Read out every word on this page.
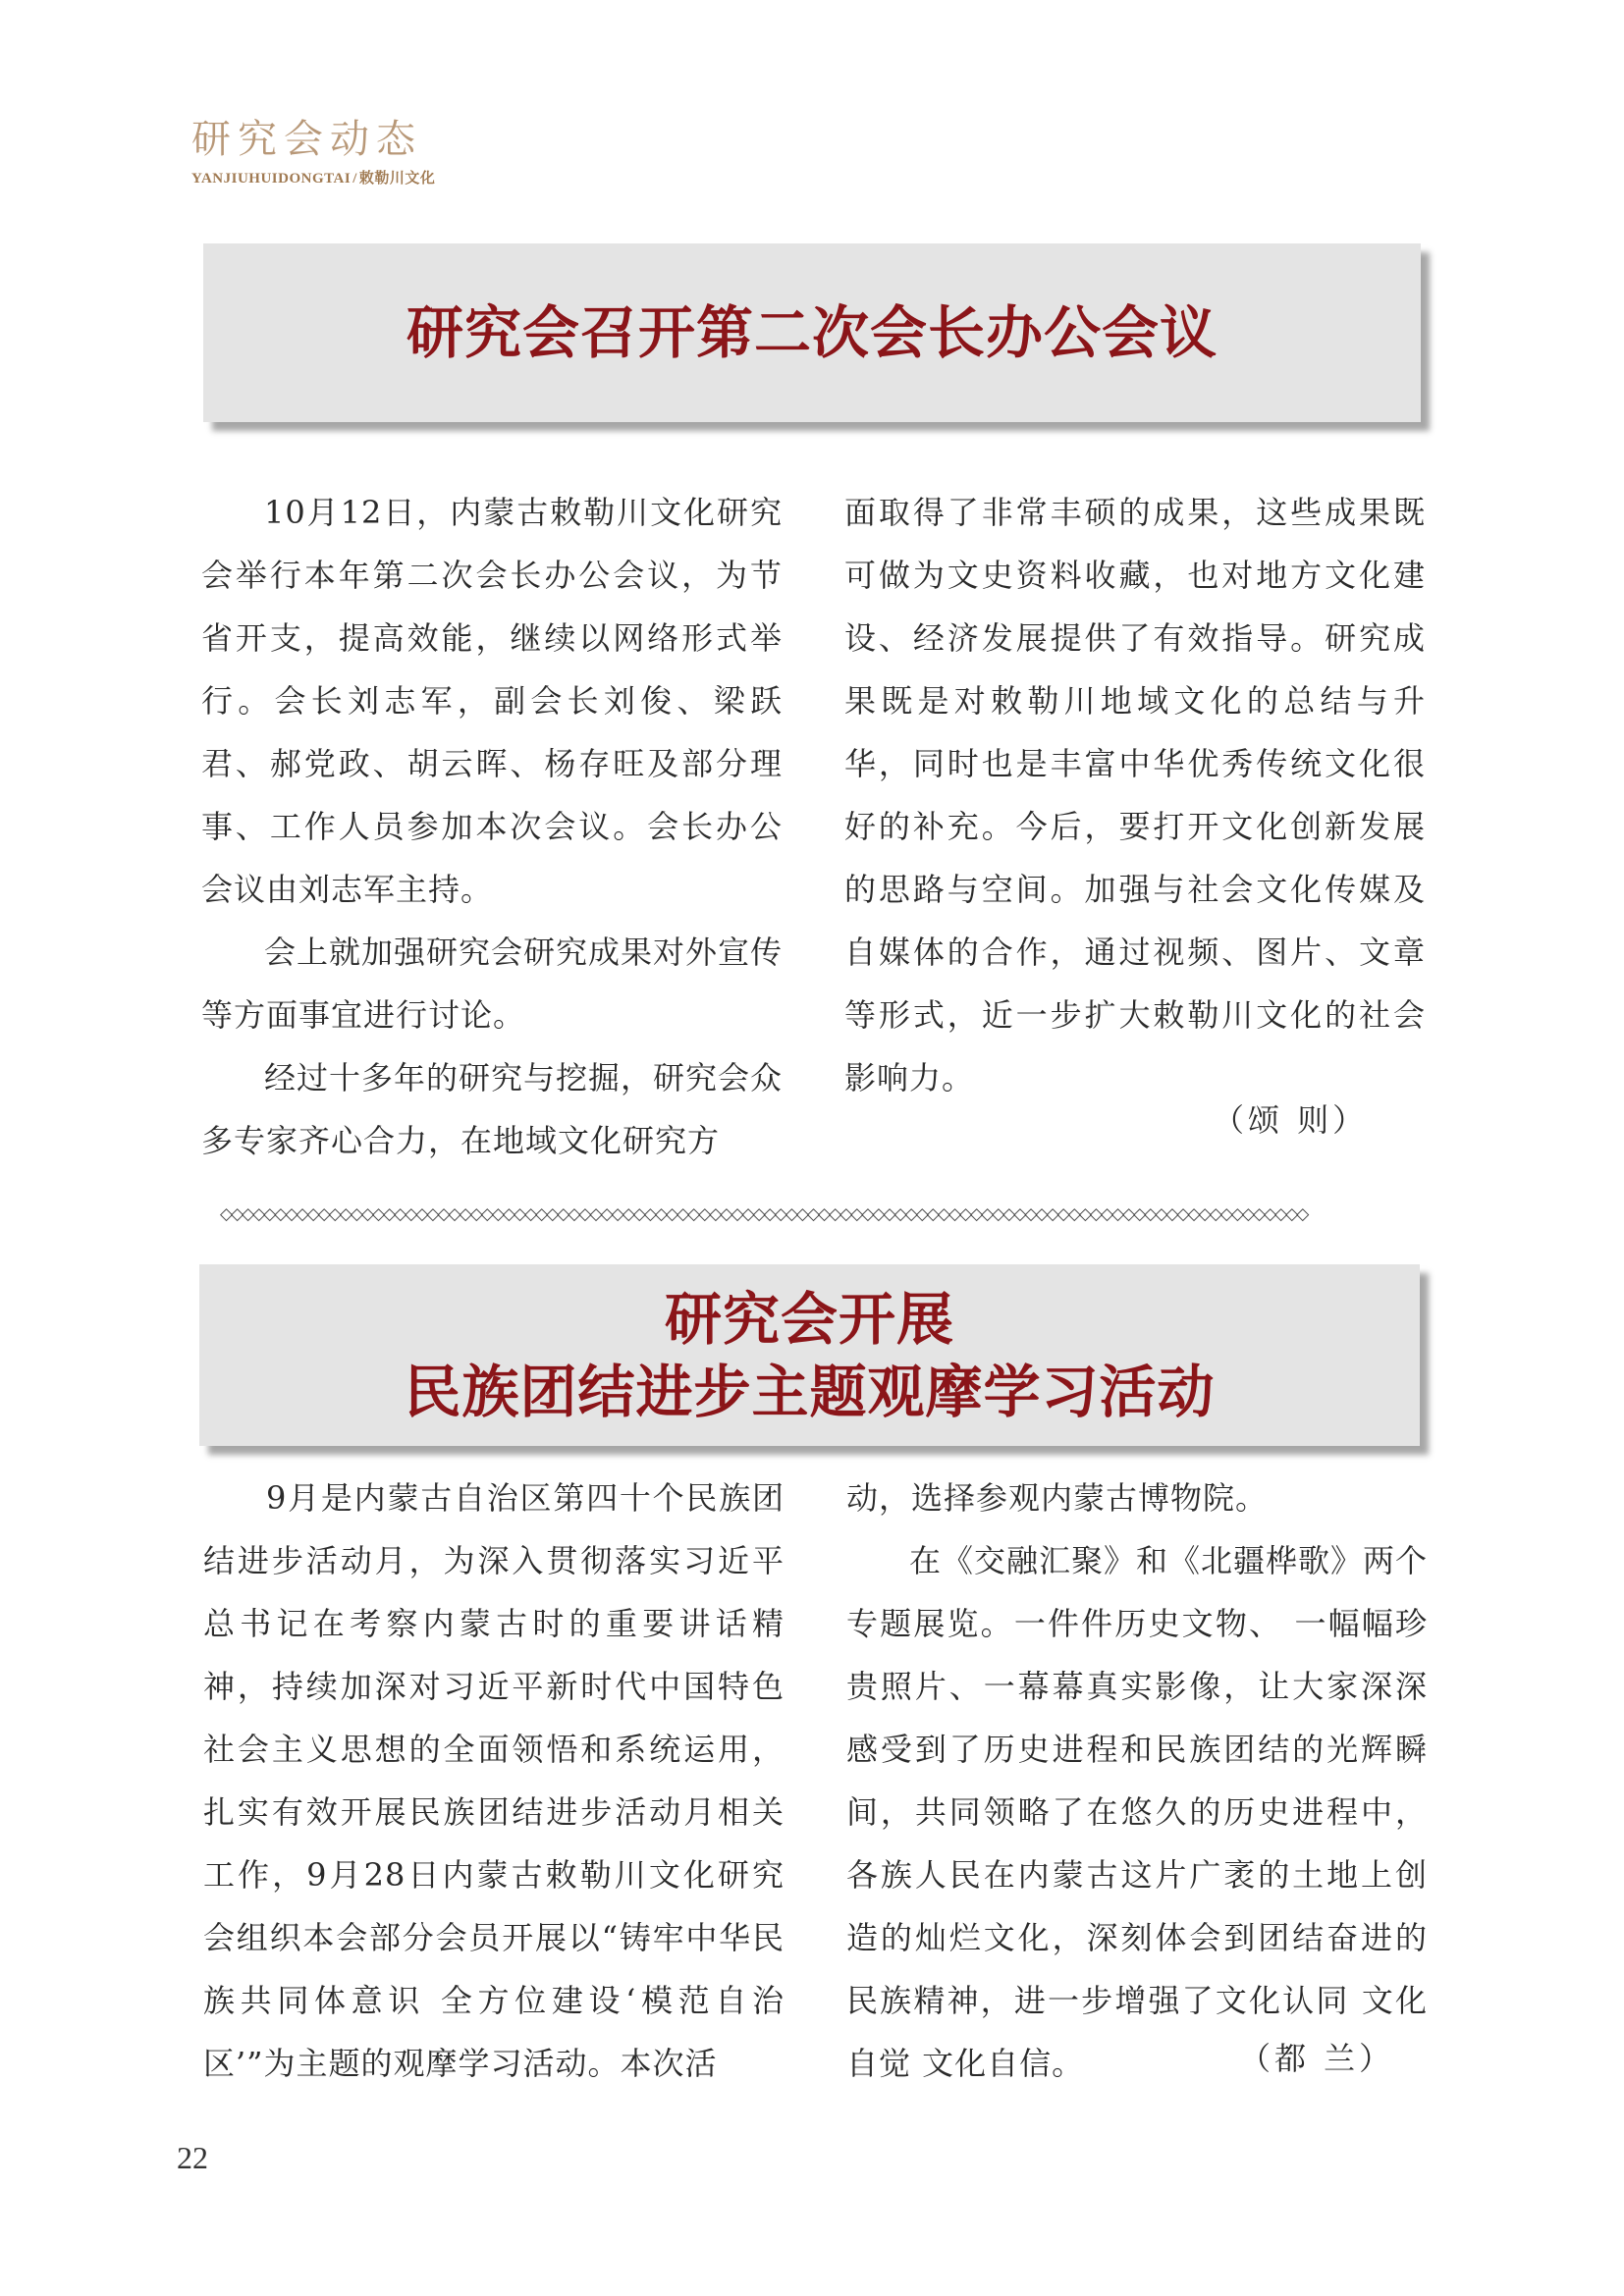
研究会动态
YANJIUHUIDONGTAI / 敕勒川文化
研究会召开第二次会长办公会议

10月12日，内蒙古敕勒川文化研究会举行本年第二次会长办公会议，为节省开支，提高效能，继续以网络形式举行。会长刘志军，副会长刘俊、梁跃君、郝党政、胡云晖、杨存旺及部分理事、工作人员参加本次会议。会长办公会议由刘志军主持。

会上就加强研究会研究成果对外宣传等方面事宜进行讨论。

经过十多年的研究与挖掘，研究会众多专家齐心合力，在地域文化研究方

面取得了非常丰硕的成果，这些成果既可做为文史资料收藏，也对地方文化建设、经济发展提供了有效指导。研究成果既是对敕勒川地域文化的总结与升华，同时也是丰富中华优秀传统文化很好的补充。今后，要打开文化创新发展的思路与空间。加强与社会文化传媒及自媒体的合作，通过视频、图片、文章等形式，近一步扩大敕勒川文化的社会影响力。

（颂 则）
◇◇◇◇◇◇◇◇◇◇◇◇◇◇◇◇◇◇◇◇◇◇◇◇◇◇◇◇◇◇◇◇◇◇◇◇◇◇◇◇◇◇◇◇◇◇◇◇◇◇◇◇◇◇◇◇◇◇◇◇◇◇◇◇◇◇◇◇◇◇◇◇◇◇◇◇◇◇◇◇◇◇◇◇◇◇◇◇◇◇◇◇◇◇◇◇◇◇◇◇
研究会开展
民族团结进步主题观摩学习活动

9月是内蒙古自治区第四十个民族团结进步活动月，为深入贯彻落实习近平总书记在考察内蒙古时的重要讲话精神，持续加深对习近平新时代中国特色社会主义思想的全面领悟和系统运用，扎实有效开展民族团结进步活动月相关工作，9月28日内蒙古敕勒川文化研究会组织本会部分会员开展以“铸牢中华民族共同体意识 全方位建设‘模范自治区’”为主题的观摩学习活动。本次活

动，选择参观内蒙古博物院。

在《交融汇聚》和《北疆桦歌》两个专题展览。一件件历史文物、 一幅幅珍贵照片、一幕幕真实影像，让大家深深感受到了历史进程和民族团结的光辉瞬间，共同领略了在悠久的历史进程中，各族人民在内蒙古这片广袤的土地上创造的灿烂文化，深刻体会到团结奋进的民族精神，进一步增强了文化认同 文化自觉 文化自信。	（都 兰）
22
